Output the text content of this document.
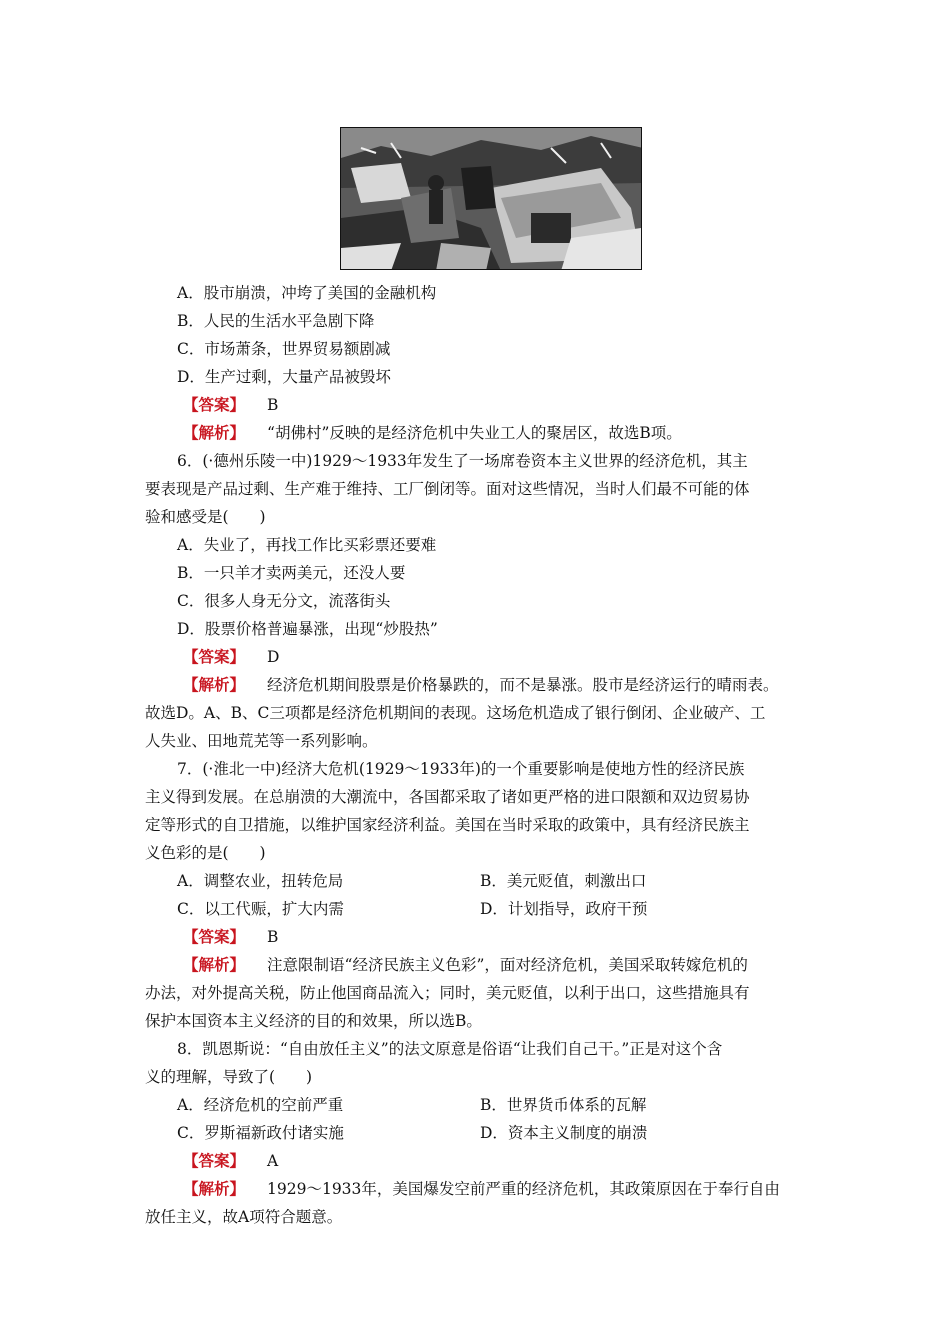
A．股市崩溃，冲垮了美国的金融机构
B．人民的生活水平急剧下降
C．市场萧条，世界贸易额剧减
D．生产过剩，大量产品被毁坏
【答案】 B
【解析】 “胡佛村”反映的是经济危机中失业工人的聚居区，故选B项。
6．(·德州乐陵一中)1929～1933年发生了一场席卷资本主义世界的经济危机，其主
要表现是产品过剩、生产难于维持、工厂倒闭等。面对这些情况，当时人们最不可能的体
验和感受是(　　)
A．失业了，再找工作比买彩票还要难
B．一只羊才卖两美元，还没人要
C．很多人身无分文，流落街头
D．股票价格普遍暴涨，出现“炒股热”
【答案】 D
【解析】 经济危机期间股票是价格暴跌的，而不是暴涨。股市是经济运行的晴雨表。
故选D。A、B、C三项都是经济危机期间的表现。这场危机造成了银行倒闭、企业破产、工
人失业、田地荒芜等一系列影响。
7．(·淮北一中)经济大危机(1929～1933年)的一个重要影响是使地方性的经济民族
主义得到发展。在总崩溃的大潮流中，各国都采取了诸如更严格的进口限额和双边贸易协
定等形式的自卫措施，以维护国家经济利益。美国在当时采取的政策中，具有经济民族主
义色彩的是(　　)
A．调整农业，扭转危局	B．美元贬值，刺激出口
C．以工代赈，扩大内需	D．计划指导，政府干预
【答案】 B
【解析】 注意限制语“经济民族主义色彩”，面对经济危机，美国采取转嫁危机的
办法，对外提高关税，防止他国商品流入；同时，美元贬值，以利于出口，这些措施具有
保护本国资本主义经济的目的和效果，所以选B。
8．凯恩斯说：“自由放任主义”的法文原意是俗语“让我们自己干。”正是对这个含
义的理解，导致了(　　)
A．经济危机的空前严重	B．世界货币体系的瓦解
C．罗斯福新政付诸实施	D．资本主义制度的崩溃
【答案】 A
【解析】 1929～1933年，美国爆发空前严重的经济危机，其政策原因在于奉行自由
放任主义，故A项符合题意。
